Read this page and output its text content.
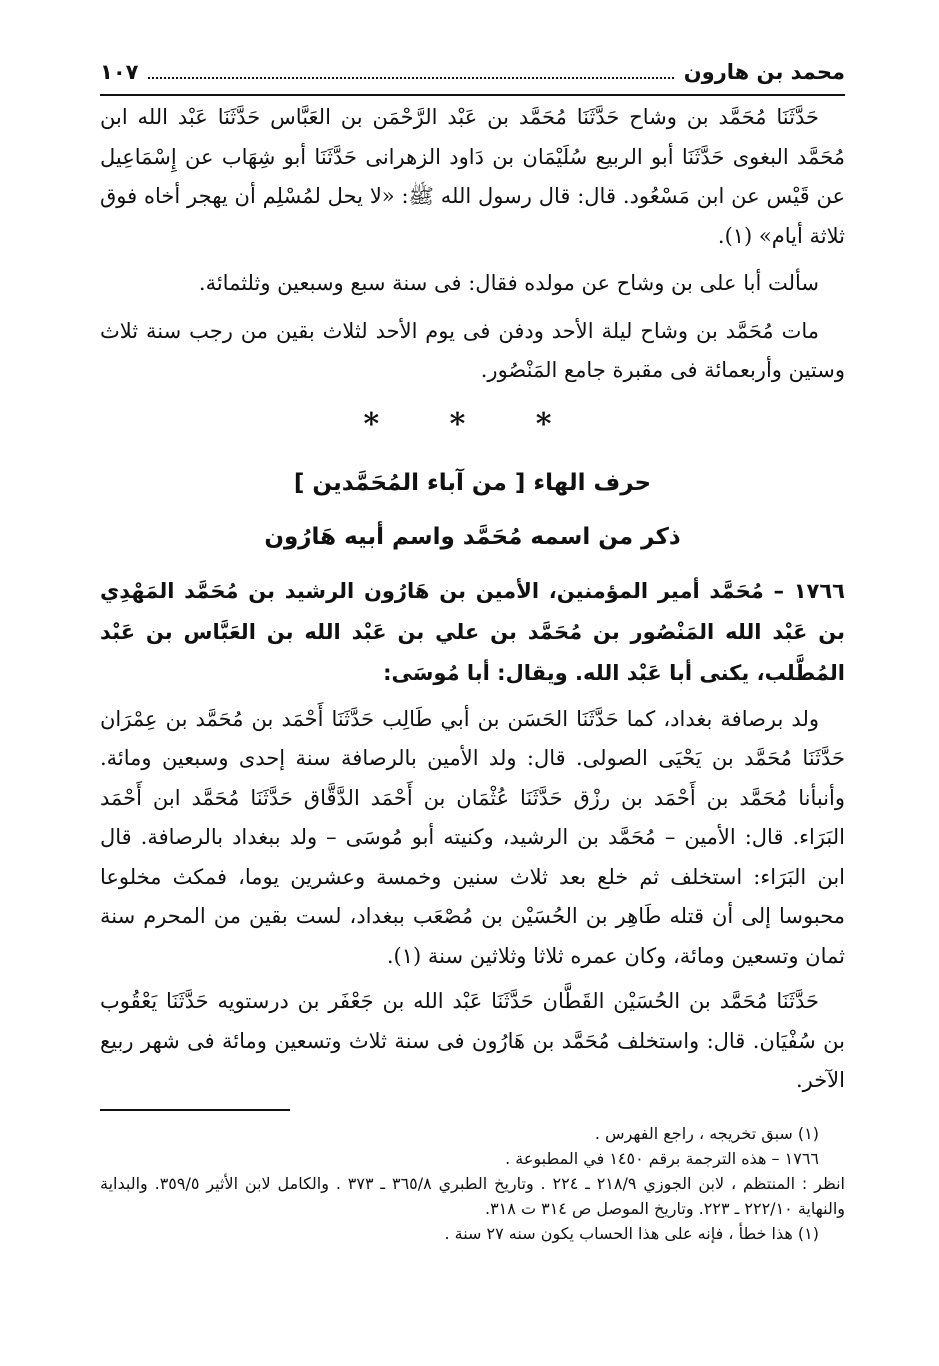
محمد بن هارون
١٠٧

حَدَّثَنَا مُحَمَّد بن وشاح حَدَّثَنَا مُحَمَّد بن عَبْد الرَّحْمَن بن العَبَّاس حَدَّثَنَا عَبْد الله ابن مُحَمَّد البغوى حَدَّثَنَا أبو الربيع سُلَيْمَان بن دَاود الزهرانى حَدَّثَنَا أبو شِهَاب عن إِسْمَاعِيل عن قَيْس عن ابن مَسْعُود. قال: قال رسول الله ﷺ: «لا يحل لمُسْلِم أن يهجر أخاه فوق ثلاثة أيام» (١).

سألت أبا على بن وشاح عن مولده فقال: فى سنة سبع وسبعين وثلثمائة.

مات مُحَمَّد بن وشاح ليلة الأحد ودفن فى يوم الأحد لثلاث بقين من رجب سنة ثلاث وستين وأربعمائة فى مقبرة جامع المَنْصُور.

* * *
حرف الهاء [ من آباء المُحَمَّدين ]
ذكر من اسمه مُحَمَّد واسم أبيه هَارُون

١٧٦٦ – مُحَمَّد أمير المؤمنين، الأمين بن هَارُون الرشيد بن مُحَمَّد المَهْدِي بن عَبْد الله المَنْصُور بن مُحَمَّد بن علي بن عَبْد الله بن العَبَّاس بن عَبْد المُطَّلب، يكنى أبا عَبْد الله. ويقال: أبا مُوسَى:

ولد برصافة بغداد، كما حَدَّثَنَا الحَسَن بن أبي طَالِب حَدَّثَنَا أَحْمَد بن مُحَمَّد بن عِمْرَان حَدَّثَنَا مُحَمَّد بن يَحْيَى الصولى. قال: ولد الأمين بالرصافة سنة إحدى وسبعين ومائة. وأنبأنا مُحَمَّد بن أَحْمَد بن رزْق حَدَّثَنَا عُثْمَان بن أَحْمَد الدَّقَّاق حَدَّثَنَا مُحَمَّد ابن أَحْمَد البَرَاء. قال: الأمين – مُحَمَّد بن الرشيد، وكنيته أبو مُوسَى – ولد ببغداد بالرصافة. قال ابن البَرَاء: استخلف ثم خلع بعد ثلاث سنين وخمسة وعشرين يوما، فمكث مخلوعا محبوسا إلى أن قتله طَاهِر بن الحُسَيْن بن مُصْعَب ببغداد، لست بقين من المحرم سنة ثمان وتسعين ومائة، وكان عمره ثلاثا وثلاثين سنة (١).

حَدَّثَنَا مُحَمَّد بن الحُسَيْن القَطَّان حَدَّثَنَا عَبْد الله بن جَعْفَر بن درستويه حَدَّثَنَا يَعْقُوب بن سُفْيَان. قال: واستخلف مُحَمَّد بن هَارُون فى سنة ثلاث وتسعين ومائة فى شهر ربيع الآخر.

(١) سبق تخريجه ، راجع الفهرس .
١٧٦٦ – هذه الترجمة برقم ١٤٥٠ في المطبوعة .
انظر : المنتظم ، لابن الجوزي ٢١٨/٩ ـ ٢٢٤ . وتاريخ الطبري ٣٦٥/٨ ـ ٣٧٣ . والكامل لابن الأثير ٣٥٩/٥. والبداية والنهاية ٢٢٢/١٠ ـ ٢٢٣. وتاريخ الموصل ص ٣١٤ ت ٣١٨.
(١) هذا خطأ ، فإنه على هذا الحساب يكون سنه ٢٧ سنة .
